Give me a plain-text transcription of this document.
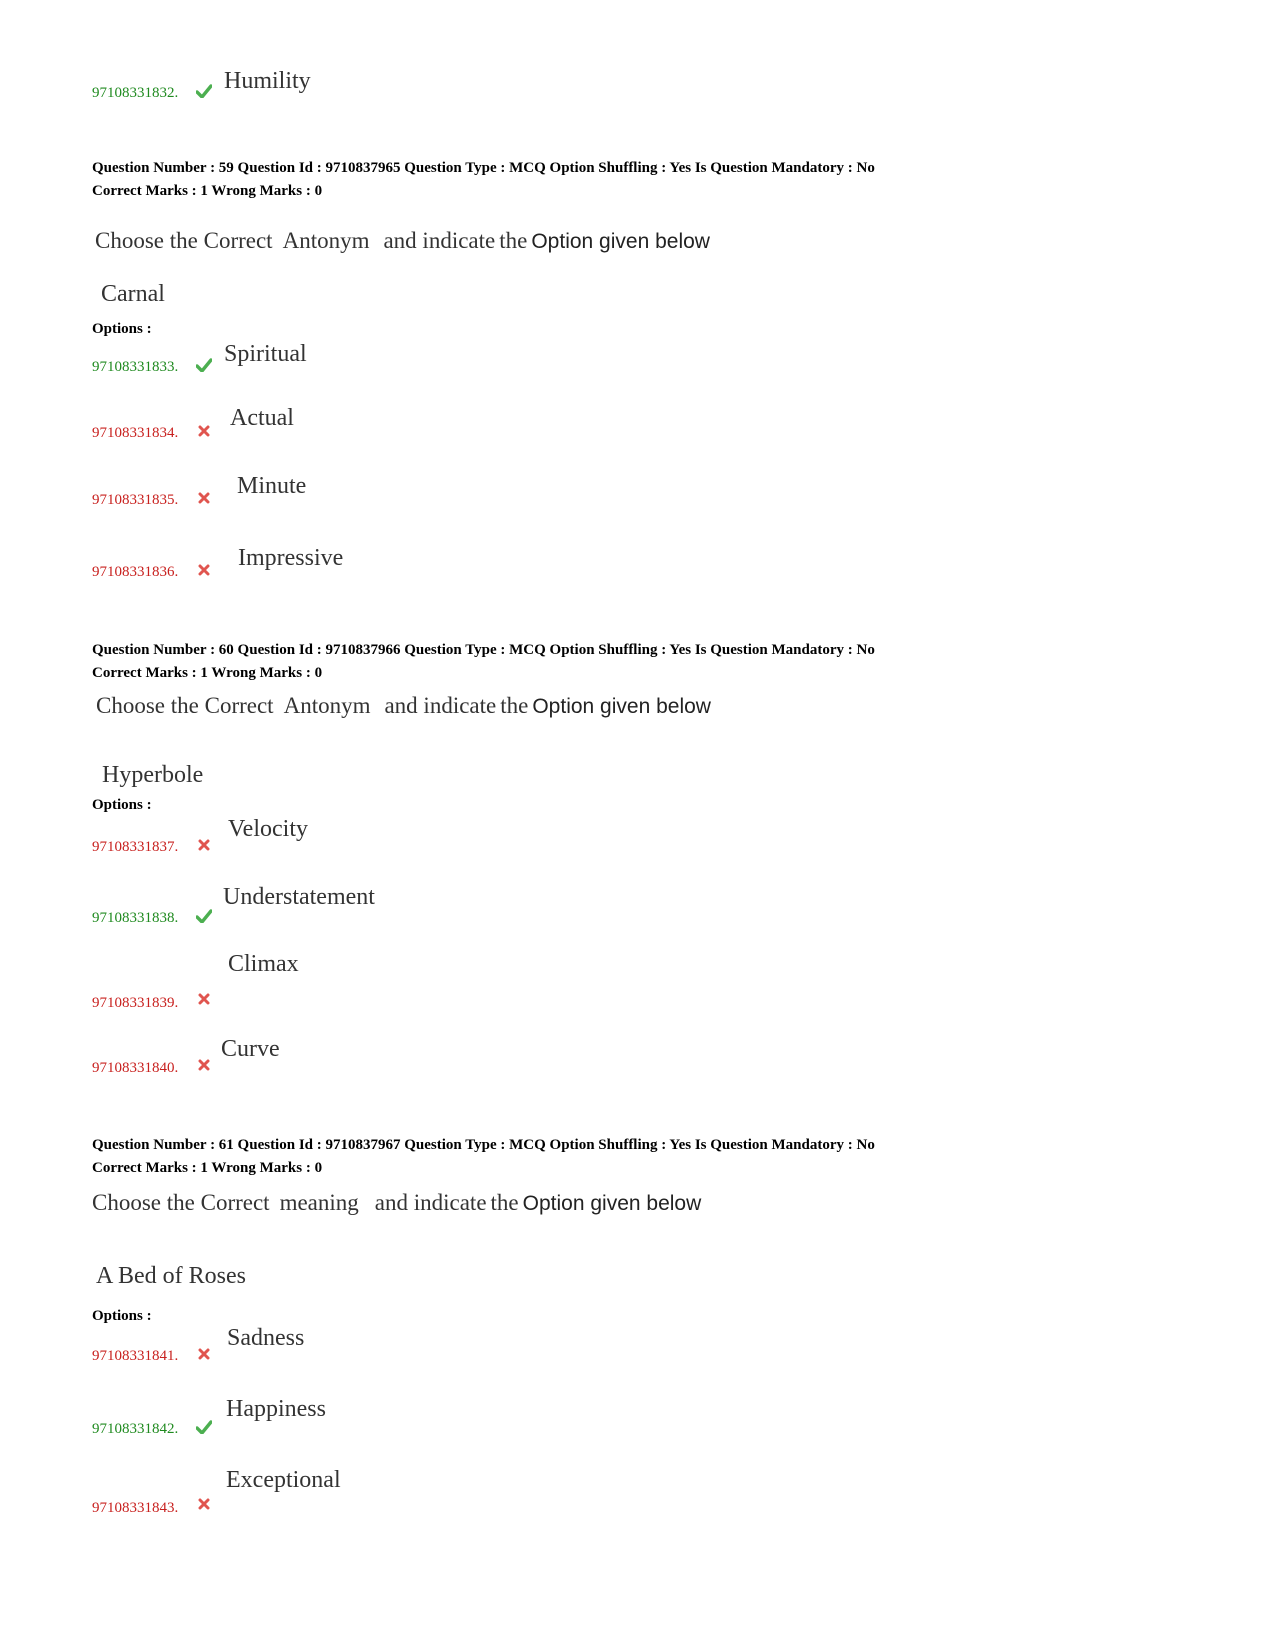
97108331832. Humility
Question Number : 59 Question Id : 9710837965 Question Type : MCQ Option Shuffling : Yes Is Question Mandatory : No
Correct Marks : 1 Wrong Marks : 0
Choose the Correct Antonym and indicate the Option given below
Carnal
Options :
97108331833. Spiritual
97108331834.
Actual
97108331835.
Minute
97108331836.
Impressive
Question Number : 60 Question Id : 9710837966 Question Type : MCQ Option Shuffling : Yes Is Question Mandatory : No
Correct Marks : 1 Wrong Marks : 0
Choose the Correct Antonym and indicate the Option given below
Hyperbole
Options :
97108331837.
Velocity
97108331838.
Understatement
97108331839.
Climax
97108331840.
Curve
Question Number : 61 Question Id : 9710837967 Question Type : MCQ Option Shuffling : Yes Is Question Mandatory : No
Correct Marks : 1 Wrong Marks : 0
Choose the Correct meaning and indicate the Option given below
A Bed of Roses
Options :
97108331841.
Sadness
97108331842.
Happiness
97108331843.
Exceptional
